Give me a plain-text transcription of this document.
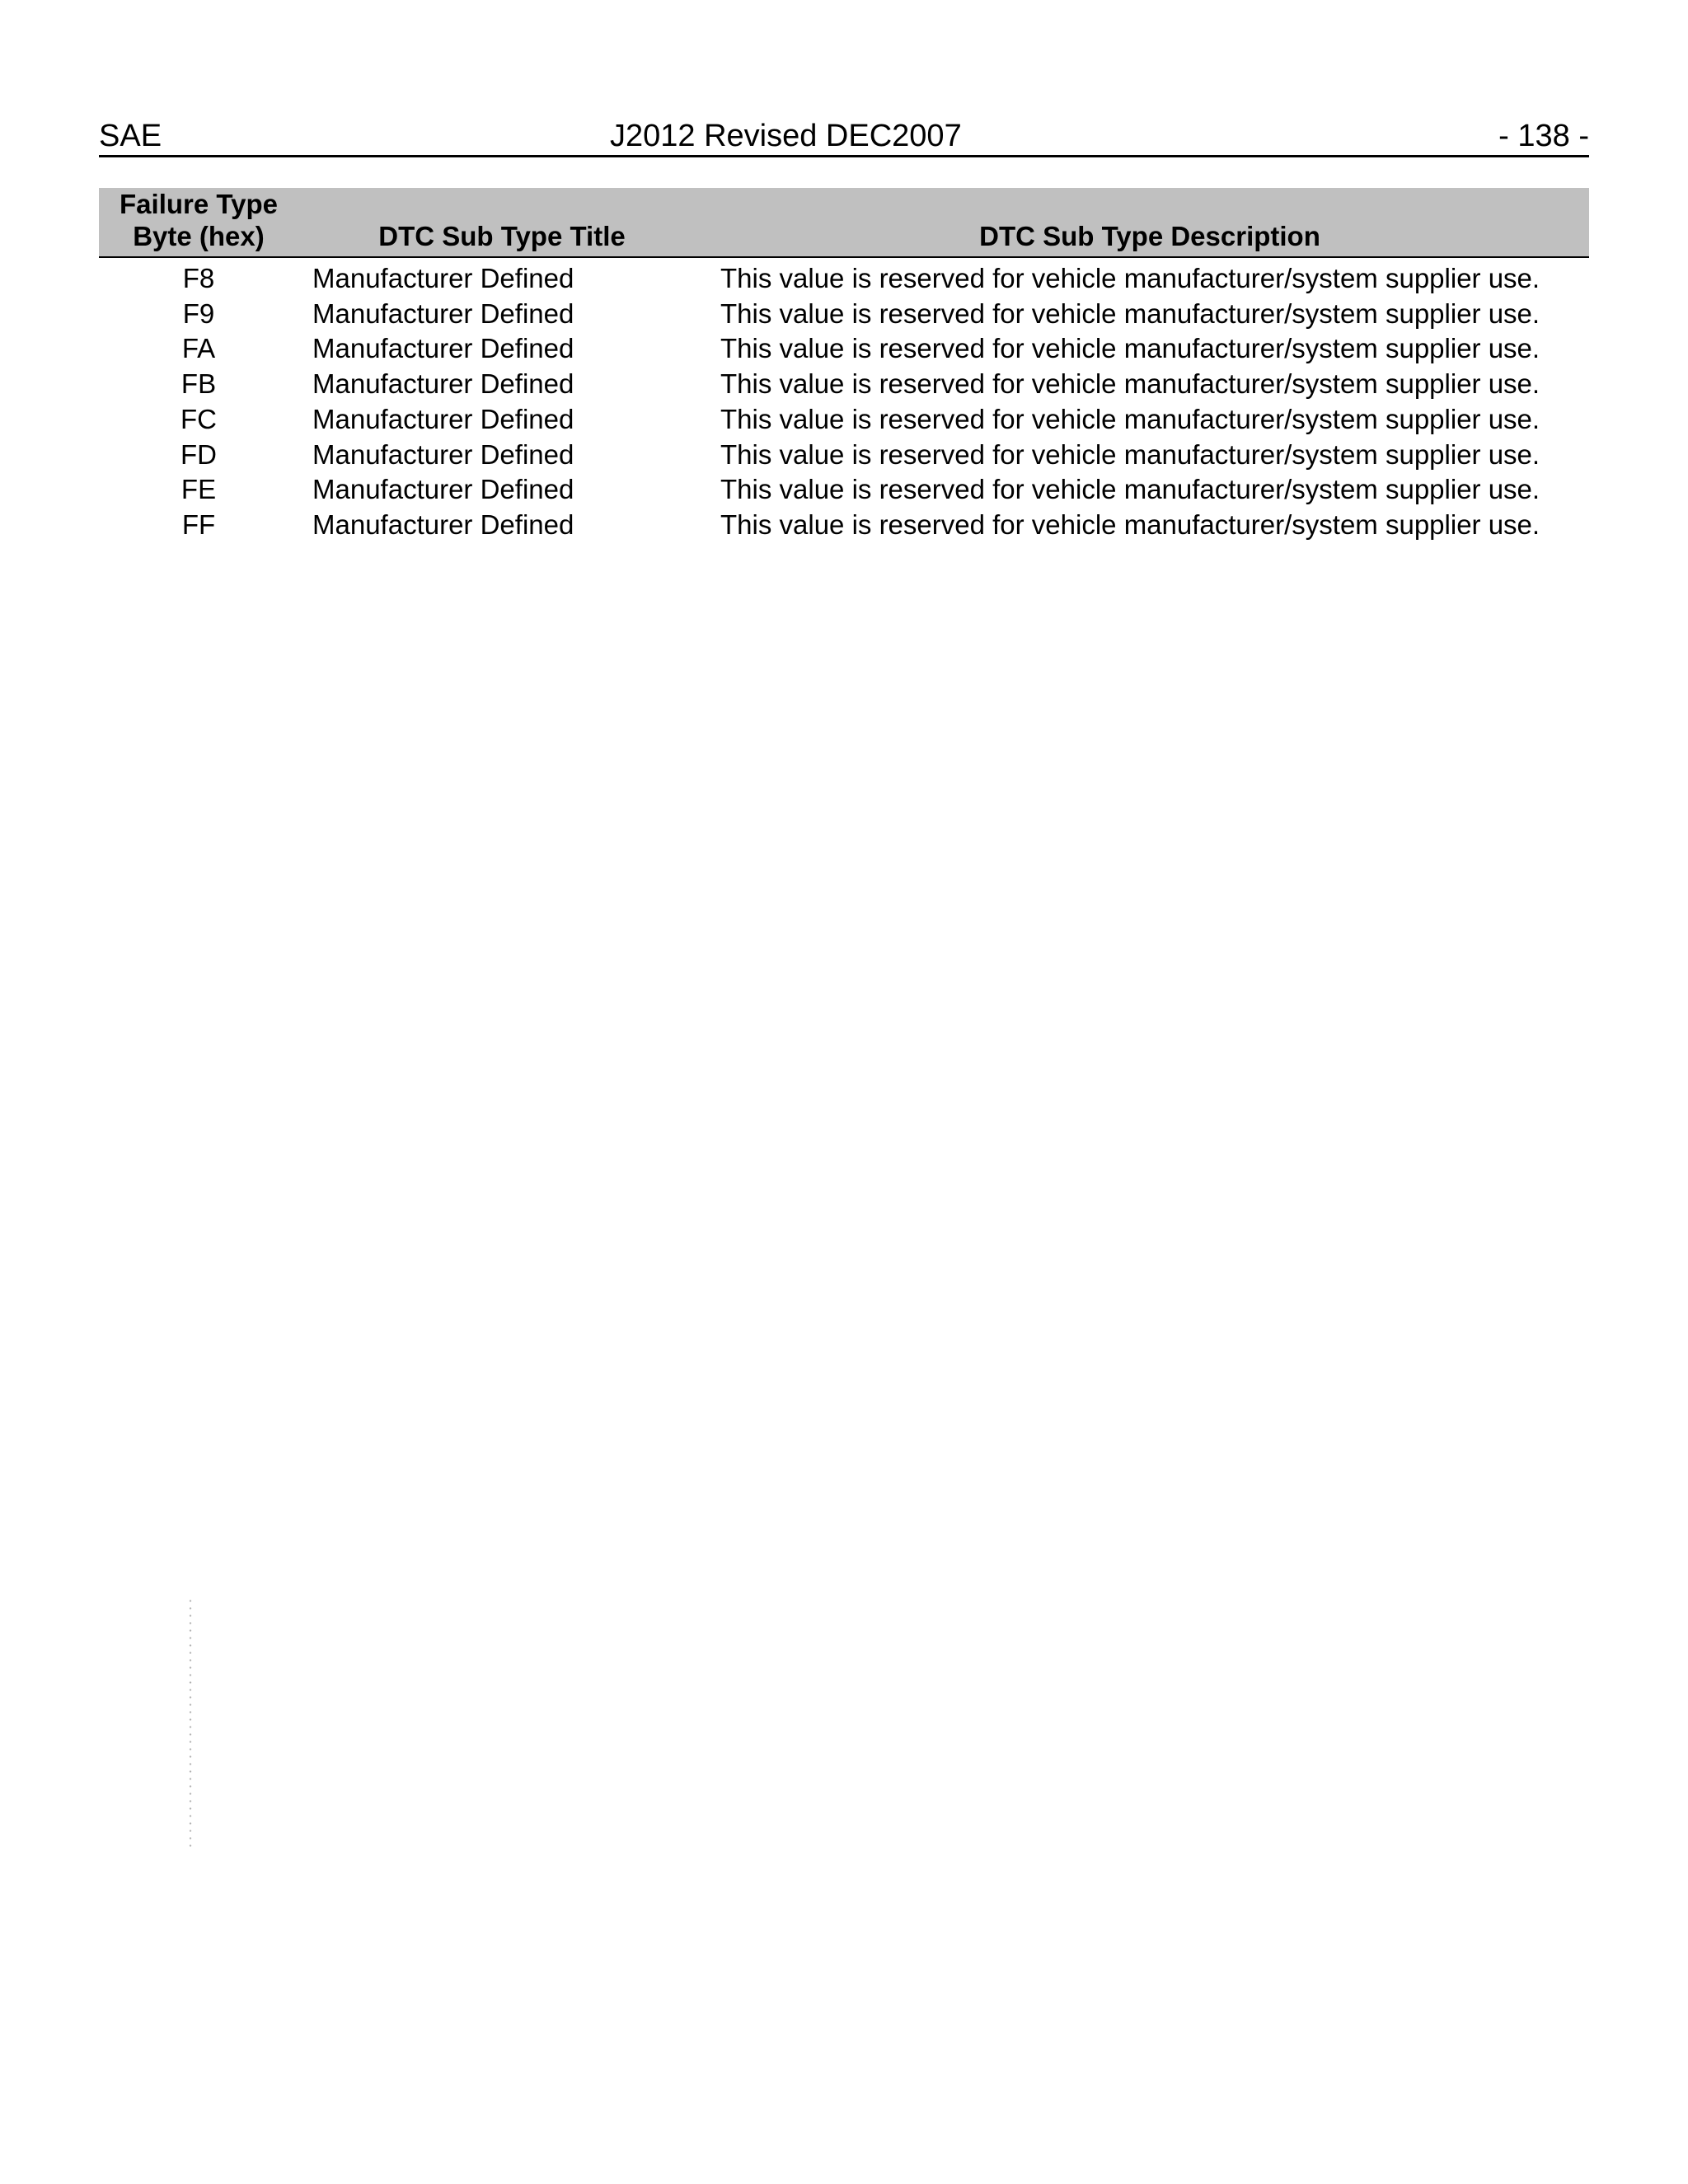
SAE	J2012 Revised DEC2007	- 138 -
Failure Type
Byte (hex)	DTC Sub Type Title	DTC Sub Type Description
F8	Manufacturer Defined	This value is reserved for vehicle manufacturer/system supplier use.
F9	Manufacturer Defined	This value is reserved for vehicle manufacturer/system supplier use.
FA	Manufacturer Defined	This value is reserved for vehicle manufacturer/system supplier use.
FB	Manufacturer Defined	This value is reserved for vehicle manufacturer/system supplier use.
FC	Manufacturer Defined	This value is reserved for vehicle manufacturer/system supplier use.
FD	Manufacturer Defined	This value is reserved for vehicle manufacturer/system supplier use.
FE	Manufacturer Defined	This value is reserved for vehicle manufacturer/system supplier use.
FF	Manufacturer Defined	This value is reserved for vehicle manufacturer/system supplier use.
